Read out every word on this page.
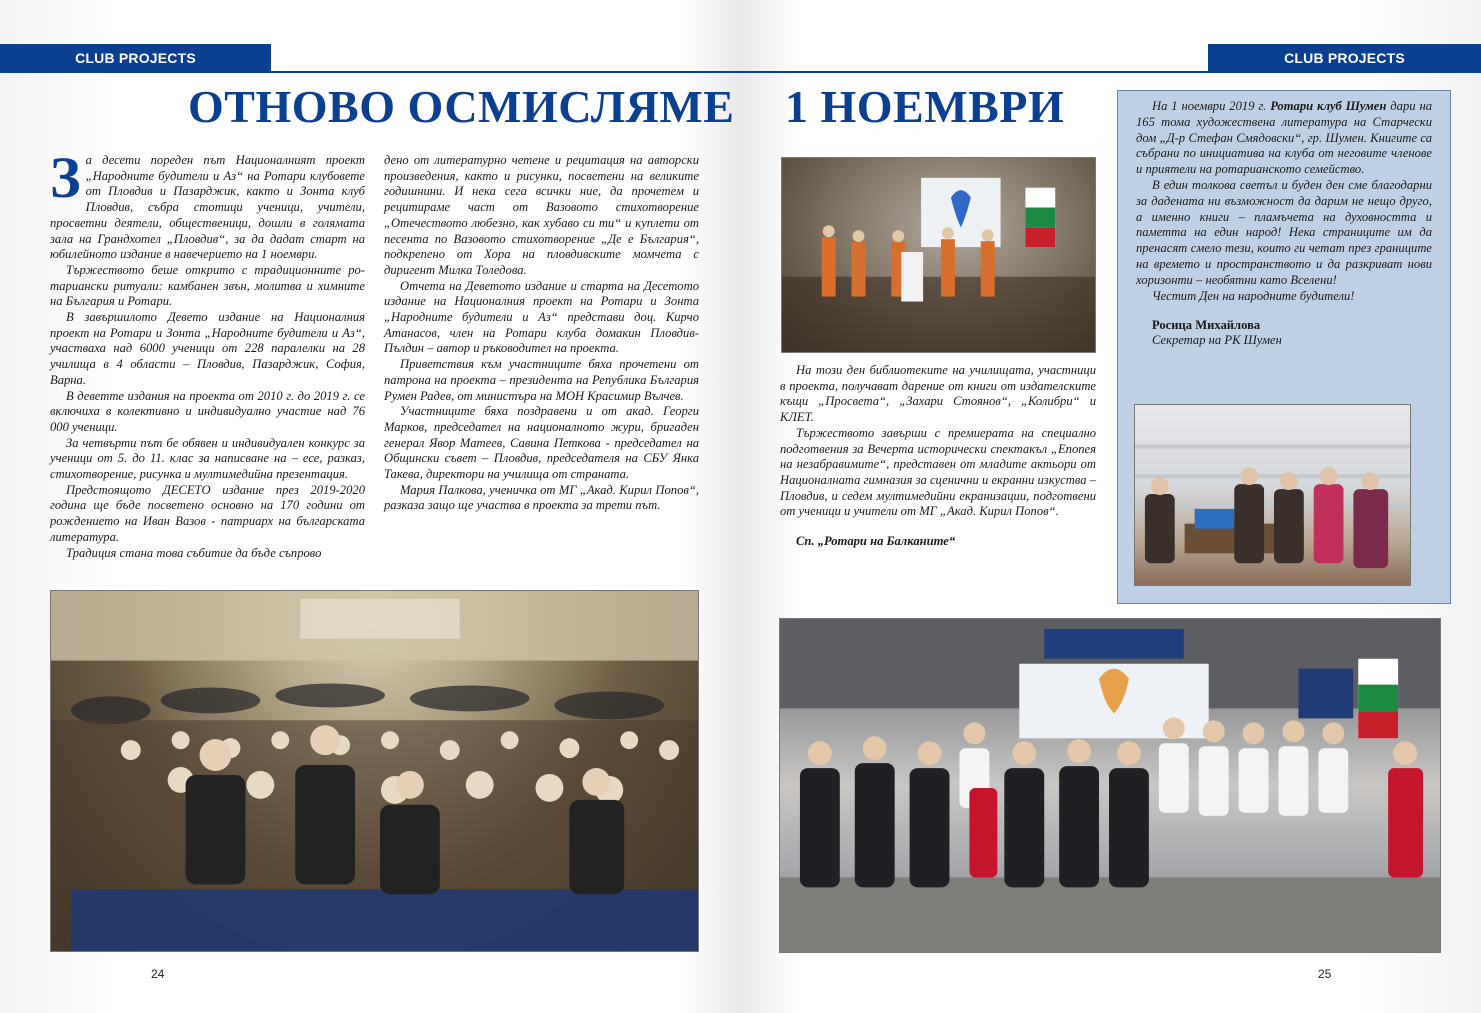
CLUB PROJECTS
ОТНОВО ОСМИСЛЯМЕ

За десети пореден път Националният проект „Народните будители и Аз“ на Ротари клубовете от Пловдив и Пазарджик, както и Зонта клуб Пловдив, събра стотици ученици, учители, просветни деятели, общественици, дошли в голямата зала на Грандхотел „Пловдив“, за да дадат старт на юбилейното издание в навечерието на 1 ноември.

Тържеството беше открито с традиционните ротариански ритуали: камбанен звън, молитва и химните на България и Ротари.

В завършилото Девето издание на Националния проект на Ротари и Зонта „Народните будители и Аз“, участваха над 6000 ученици от 228 паралелки на 28 училища в 4 области – Пловдив, Пазарджик, София, Варна.

В деветте издания на проекта от 2010 г. до 2019 г. се включиха в колективно и индивидуално участие над 76 000 ученици.

За четвърти път бе обявен и индивидуален конкурс за ученици от 5. до 11. клас за написване на – есе, разказ, стихотворение, рисунка и мултимедийна презентация.

Предстоящото ДЕСЕТО издание през 2019-2020 година ще бъде посветено основно на 170 години от рождението на Иван Вазов - патриарх на българската литература.

Традиция стана това събитие да бъде съпрово

дено от литературно четене и рецитация на авторски произведения, както и рисунки, посветени на великите годишнини. И нека сега всички ние, да прочетем и рецитираме част от Вазовото стихотворение „Отечеството любезно, как хубаво си ти“ и куплети от песента по Вазовото стихотворение „Де е България“, подкрепено от Хора на пловдивските момчета с диригент Милка Толедова.

Отчета на Деветото издание и старта на Десетото издание на Националния проект на Ротари и Зонта „Народните будители и Аз“ представи доц. Кирчо Атанасов, член на Ротари клуба домакин Пловдив-Пълдин – автор и ръководител на проекта.

Приветствия към участниците бяха прочетени от патрона на проекта – президента на Република България Румен Радев, от министъра на МОН Красимир Вълчев.

Участниците бяха поздравени и от акад. Георги Марков, председател на националното жури, бригаден генерал Явор Матеев, Савина Петкова - председател на Общински съвет – Пловдив, председателя на СБУ Янка Такева, директори на училища от страната.

Мария Палкова, ученичка от МГ „Акад. Кирил Попов“, разказа защо ще участва в проекта за трети път.

24
CLUB PROJECTS
1 НОЕМВРИ

На този ден библиотеките на училищата, участници в проекта, получават дарение от книги от издателските къщи „Просвета“, „Захари Стоянов“, „Колибри“ и КЛЕТ.

Тържеството завърши с премиерата на специално подготвения за Вечерта исторически спектакъл „Епопея на незабравимите“, представен от младите актьори от Националната гимназия за сценични и екранни изкуства – Пловдив, и седем мултимедийни екранизации, подготвени от ученици и учители от МГ „Акад. Кирил Попов“.

Сп. „Ротари на Балканите“

На 1 ноември 2019 г. Ротари клуб Шумен дари на 165 тома художествена литература на Старчески дом „Д-р Стефан Смядовски“, гр. Шумен. Книгите са събрани по инициатива на клуба от неговите членове и приятели на ротарианското семейство.

В един толкова светъл и буден ден сме благодарни за дадената ни възможност да дарим не нещо друго, а именно книги – пламъчета на духовността и паметта на един народ! Нека страниците им да пренасят смело тези, които ги четат през границите на времето и пространството и да разкриват нови хоризонти – необятни като Вселени!

Честит Ден на народните будители!

Росица Михайлова
Секретар на РК Шумен
25
